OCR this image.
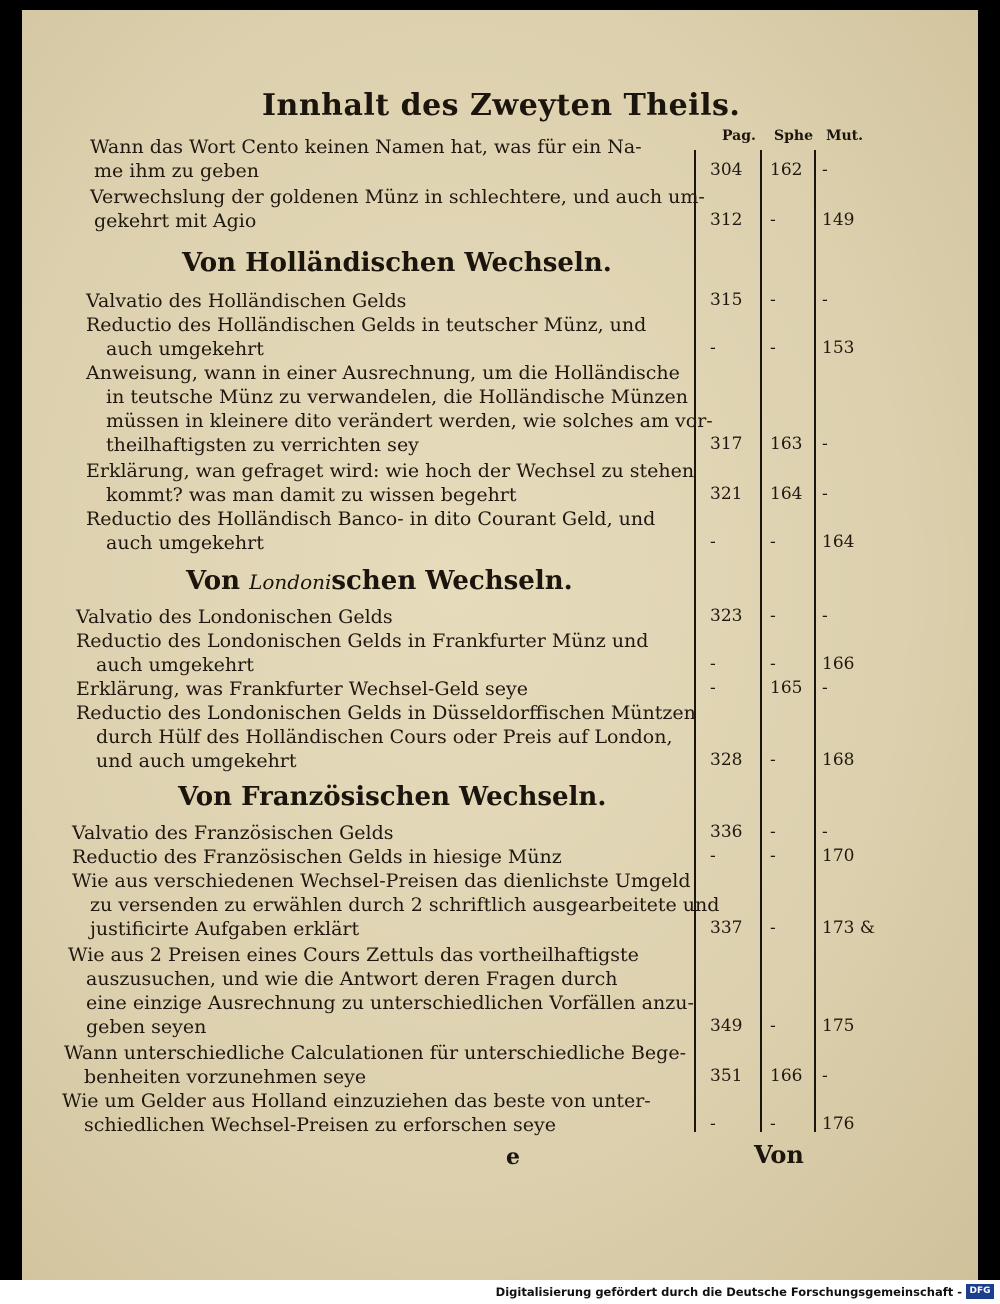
Innhalt des Zweyten Theils.
Pag. Sphe Mut.
Wann das Wort Cento keinen Namen hat, was für ein Na-
me ihm zu geben	304	162	-
Verwechslung der goldenen Münz in schlechtere, und auch um-
gekehrt mit Agio	312	-	149
Von Holländischen Wechseln.
Valvatio des Holländischen Gelds	315	-	-
Reductio des Holländischen Gelds in teutscher Münz, und
auch umgekehrt	-	-	153
Anweisung, wann in einer Ausrechnung, um die Holländische
in teutsche Münz zu verwandelen, die Holländische Münzen
müssen in kleinere dito verändert werden, wie solches am vor-
theilhaftigsten zu verrichten sey	317	163	-
Erklärung, wan gefraget wird: wie hoch der Wechsel zu stehen
kommt? was man damit zu wissen begehrt	321	164	-
Reductio des Holländisch Banco- in dito Courant Geld, und
auch umgekehrt	-	-	164
Von Londonischen Wechseln.
Valvatio des Londonischen Gelds	323	-	-
Reductio des Londonischen Gelds in Frankfurter Münz und
auch umgekehrt	-	-	166
Erklärung, was Frankfurter Wechsel-Geld seye	-	165	-
Reductio des Londonischen Gelds in Düsseldorffischen Müntzen
durch Hülf des Holländischen Cours oder Preis auf London,
und auch umgekehrt	328	-	168
Von Französischen Wechseln.
Valvatio des Französischen Gelds	336	-	-
Reductio des Französischen Gelds in hiesige Münz	-	-	170
Wie aus verschiedenen Wechsel-Preisen das dienlichste Umgeld
zu versenden zu erwählen durch 2 schriftlich ausgearbeitete und
justificirte Aufgaben erklärt	337	-	173 &
Wie aus 2 Preisen eines Cours Zettuls das vortheilhaftigste
auszusuchen, und wie die Antwort deren Fragen durch
eine einzige Ausrechnung zu unterschiedlichen Vorfällen anzu-
geben seyen	349	-	175
Wann unterschiedliche Calculationen für unterschiedliche Bege-
benheiten vorzunehmen seye	351	166	-
Wie um Gelder aus Holland einzuziehen das beste von unter-
schiedlichen Wechsel-Preisen zu erforschen seye	-	-	176
e	Von
Digitalisierung gefördert durch die Deutsche Forschungsgemeinschaft - DFG
